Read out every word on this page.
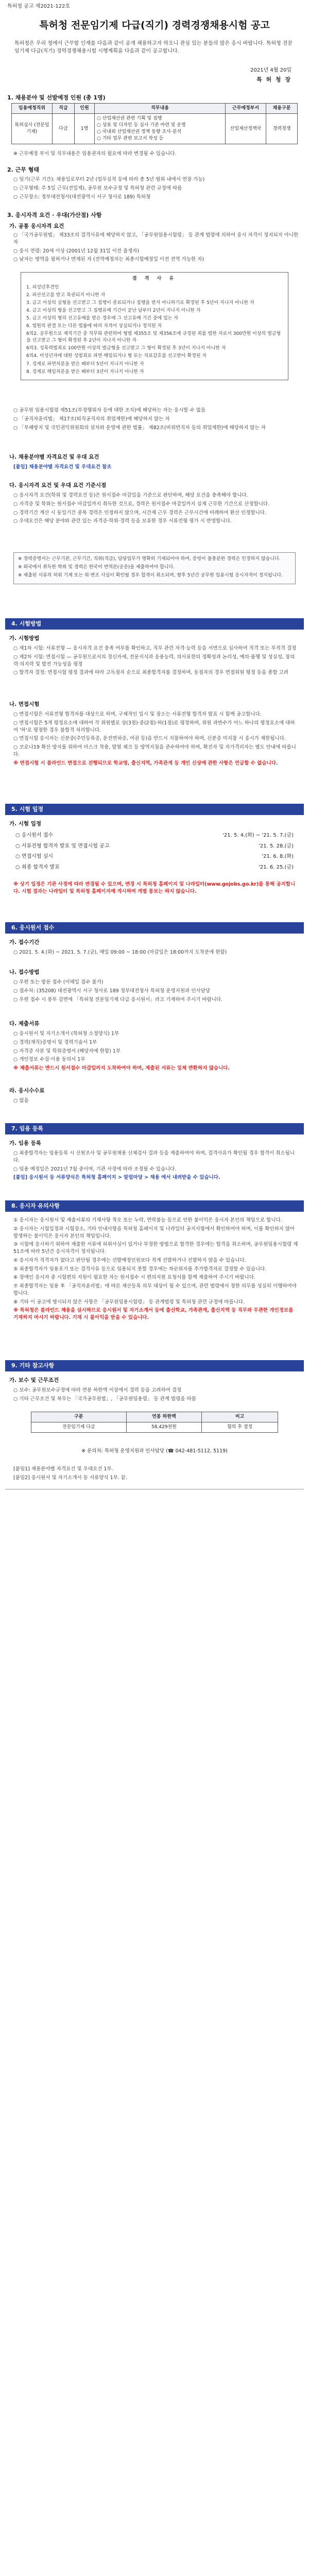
특허청 공고 제2021-122호
특허청 전문임기제 다급(직기) 경력경쟁채용시험 공고
특허청은 우리 청에서 근무할 인재를 다음과 같이 공개 채용하고자 하오니 관심 있는 분들의 많은 응시 바랍니다. 특허청 전문임기제 다급(직기) 경력경쟁채용시험 시행계획을 다음과 같이 공고합니다.
2021년 4월 20일
특 허 청 장
1. 채용분야 및 선발예정 인원 (총 1명)
임용예정직위	직급	인원	직무내용	근무예정부서	채용구분
특허심사 (전문임기제)	다급	1명	○ 산업재산권 관련 기획 및 집행
○ 상표 및 디자인 등 심사 기준 마련 및 운영
○ 국내외 산업재산권 정책 동향 조사·분석
○ 기타 업무 관련 보고서 작성 등	산업재산정책국	경력경쟁
※ 근무예정 부서 및 직무내용은 임용권자의 필요에 따라 변경될 수 있습니다.
2. 근무 형태

○ 임기(근무 기간): 채용일로부터 2년 (업무실적 등에 따라 총 5년 범위 내에서 연장 가능)

○ 근무형태: 주 5일 근무(전일제), 공무원 보수규정 및 특허청 관련 규정에 따름

○ 근무장소: 정부대전청사(대전광역시 서구 청사로 189) 특허청

3. 응시자격 요건 · 우대(가산점) 사항
가. 공통 응시자격 요건

○ 「국가공무원법」 제33조의 결격사유에 해당하지 않고, 「공무원임용시험령」 등 관계 법령에 의하여 응시 자격이 정지되지 아니한 자

○ 응시 연령: 20세 이상 (2001년 12월 31일 이전 출생자)

○ 남자는 병역을 필하거나 면제된 자 (전역예정자는 최종시험예정일 이전 전역 가능한 자)

결 격 사 유

1. 피성년후견인

2. 파산선고를 받고 복권되지 아니한 자

3. 금고 이상의 실형을 선고받고 그 집행이 종료되거나 집행을 받지 아니하기로 확정된 후 5년이 지나지 아니한 자

4. 금고 이상의 형을 선고받고 그 집행유예 기간이 끝난 날부터 2년이 지나지 아니한 자

5. 금고 이상의 형의 선고유예를 받은 경우에 그 선고유예 기간 중에 있는 자

6. 법원의 판결 또는 다른 법률에 따라 자격이 상실되거나 정지된 자

6의2. 공무원으로 재직기간 중 직무와 관련하여 형법 제355조 및 제356조에 규정된 죄를 범한 자로서 300만원 이상의 벌금형을 선고받고 그 형이 확정된 후 2년이 지나지 아니한 자

6의3. 성폭력범죄로 100만원 이상의 벌금형을 선고받고 그 형이 확정된 후 3년이 지나지 아니한 자

6의4. 미성년자에 대한 성범죄로 파면·해임되거나 형 또는 치료감호를 선고받아 확정된 자

7. 징계로 파면처분을 받은 때부터 5년이 지나지 아니한 자

8. 징계로 해임처분을 받은 때부터 3년이 지나지 아니한 자

○ 공무원 임용시험령 제51조(부정행위자 등에 대한 조치)에 해당하는 자는 응시할 수 없음

○ 「공직자윤리법」 제17조(퇴직공직자의 취업제한)에 해당하지 않는 자

○ 「부패방지 및 국민권익위원회의 설치와 운영에 관한 법률」 제82조(비위면직자 등의 취업제한)에 해당하지 않는 자

나. 채용분야별 자격요건 및 우대 요건

[붙임] 채용분야별 자격요건 및 우대요건 참조

다. 응시자격 요건 및 우대 요건 기준시점

○ 응시자격 요건(학위 및 경력요건 등)은 원서접수 마감일을 기준으로 판단하며, 해당 요건을 충족해야 합니다.

○ 자격증 및 학위는 원서접수 마감일까지 취득한 것으로, 경력은 원서접수 마감일까지 실제 근무한 기간으로 산정합니다.

○ 경력기간 계산 시 동일기간 중복 경력은 인정하지 않으며, 시간제 근무 경력은 근무시간에 비례하여 환산 인정합니다.

○ 우대요건은 해당 분야와 관련 있는 자격증·학위·경력 등을 보유한 경우 서류전형 평가 시 반영합니다.

※ 경력증명서는 근무기관, 근무기간, 직위(직급), 담당업무가 명확히 기재되어야 하며, 증빙이 불충분한 경력은 인정하지 않습니다.

※ 외국에서 취득한 학위 및 경력은 한국어 번역본(공증)을 제출하여야 합니다.

※ 제출된 서류의 허위 기재 또는 위·변조 사실이 확인될 경우 합격이 취소되며, 향후 5년간 공무원 임용시험 응시자격이 정지됩니다.

4. 시험방법
가. 시험방법

○ 제1차 시험: 서류전형 — 응시자격 요건 충족 여부를 확인하고, 직무 관련 자격·능력 등을 서면으로 심사하여 적격 또는 부적격 결정

○ 제2차 시험: 면접시험 — 공무원으로서의 정신자세, 전문지식과 응용능력, 의사표현의 정확성과 논리성, 예의·품행 및 성실성, 창의력·의지력 및 발전 가능성을 평정

○ 합격자 결정: 면접시험 평정 결과에 따라 고득점자 순으로 최종합격자를 결정하며, 동점자의 경우 면접위원 평정 등을 종합 고려

나. 면접시험

○ 면접시험은 서류전형 합격자를 대상으로 하며, 구체적인 일시 및 장소는 서류전형 합격자 발표 시 함께 공고합니다.

○ 면접시험은 5개 평정요소에 대하여 각 위원별로 상(3점)·중(2점)·하(1점)로 평정하며, 위원 과반수가 어느 하나의 평정요소에 대하여 '하'로 평정한 경우 불합격 처리합니다.

○ 면접시험 응시자는 신분증(주민등록증, 운전면허증, 여권 등)을 반드시 지참하여야 하며, 신분증 미지참 시 응시가 제한됩니다.

○ 코로나19 확산 방지를 위하여 마스크 착용, 발열 체크 등 방역지침을 준수하여야 하며, 확진자 및 자가격리자는 별도 안내에 따릅니다.

※ 면접시험 시 블라인드 면접으로 진행되므로 학교명, 출신지역, 가족관계 등 개인 신상에 관한 사항은 언급할 수 없습니다.

5. 시험 일정
가. 시험 일정
○ 응시원서 접수	'21. 5. 4.(화) ~ '21. 5. 7.(금)
○ 서류전형 합격자 발표 및 면접시험 공고	'21. 5. 28.(금)
○ 면접시험 실시	'21. 6. 8.(화)
○ 최종 합격자 발표	'21. 6. 25.(금)

※ 상기 일정은 기관 사정에 따라 변경될 수 있으며, 변경 시 특허청 홈페이지 및 나라일터(www.gojobs.go.kr)를 통해 공지합니다. 시험 결과는 나라일터 및 특허청 홈페이지에 게시하며 개별 통보는 하지 않습니다.

6. 응시원서 접수
가. 접수기간
○ 2021. 5. 4.(화) ~ 2021. 5. 7.(금), 매일 09:00 ~ 18:00 (마감일은 18:00까지 도착분에 한함)
나. 접수방법

○ 우편 또는 방문 접수 (이메일 접수 불가)

○ 접수처: (35208) 대전광역시 서구 청사로 189 정부대전청사 특허청 운영지원과 인사담당

○ 우편 접수 시 봉투 겉면에 「특허청 전문임기제 다급 응시원서」라고 기재하여 주시기 바랍니다.

다. 제출서류

○ 응시원서 및 자기소개서 (특허청 소정양식) 1부

○ 경력(재직)증명서 및 경력기술서 1부

○ 자격증 사본 및 학위증명서 (해당자에 한함) 1부

○ 개인정보 수집·이용 동의서 1부

※ 제출서류는 반드시 원서접수 마감일까지 도착하여야 하며, 제출된 서류는 일체 반환하지 않습니다.

라. 응시수수료
○ 없음
7. 임용 등록
가. 임용 등록

○ 최종합격자는 임용등록 시 신원조사 및 공무원채용 신체검사 결과 등을 제출하여야 하며, 결격사유가 확인될 경우 합격이 취소됩니다.

○ 임용 예정일은 2021년 7월 중이며, 기관 사정에 따라 조정될 수 있습니다.

[붙임] 응시원서 등 서류양식은 특허청 홈페이지 > 알림마당 > 채용 에서 내려받을 수 있습니다.

8. 응시자 유의사항

① 응시자는 응시원서 및 제출서류의 기재사항 착오 또는 누락, 연락불능 등으로 인한 불이익은 응시자 본인의 책임으로 합니다.

② 응시자는 시험일정과 시험장소, 기타 안내사항을 특허청 홈페이지 및 나라일터 공지사항에서 확인하여야 하며, 이를 확인하지 않아 발생하는 불이익은 응시자 본인의 책임입니다.

③ 시험에 응시하기 위하여 제출한 서류에 허위사실이 있거나 부정한 방법으로 합격한 경우에는 합격을 취소하며, 공무원임용시험령 제51조에 따라 5년간 응시자격이 정지됩니다.

④ 응시자가 적격자가 없다고 판단될 경우에는 선발예정인원보다 적게 선발하거나 선발하지 않을 수 있습니다.

⑤ 최종합격자가 임용포기 또는 결격사유 등으로 임용되지 못할 경우에는 차순위자를 추가합격자로 결정할 수 있습니다.

⑥ 장애인 응시자 중 시험편의 지원이 필요한 자는 원서접수 시 편의지원 요청서를 함께 제출하여 주시기 바랍니다.

⑦ 최종합격자는 임용 후 「공직자윤리법」에 따른 재산등록 의무 대상이 될 수 있으며, 관련 법령에서 정한 의무를 성실히 이행하여야 합니다.

⑧ 기타 이 공고에 명시되지 않은 사항은 「공무원임용시험령」 등 관계법령 및 특허청 관련 규정에 따릅니다.

※ 특허청은 블라인드 채용을 실시하므로 응시원서 및 자기소개서 등에 출신학교, 가족관계, 출신지역 등 직무와 무관한 개인정보를 기재하지 마시기 바랍니다. 기재 시 불이익을 받을 수 있습니다.

9. 기타 참고사항
가. 보수 및 근무조건

○ 보수: 공무원보수규정에 따라 연봉 하한액 이상에서 경력 등을 고려하여 결정

○ 기타 근무조건 및 복무는 「국가공무원법」, 「공무원임용령」 등 관계 법령을 따름

구분	연봉 하한액	비고
전문임기제 다급	58,429천원	협의 후 결정
※ 문의처: 특허청 운영지원과 인사담당 (☎ 042-481-5112, 5119)

[붙임1] 채용분야별 자격요건 및 우대요건 1부.

[붙임2] 응시원서 및 자기소개서 등 서류양식 1부. 끝.
